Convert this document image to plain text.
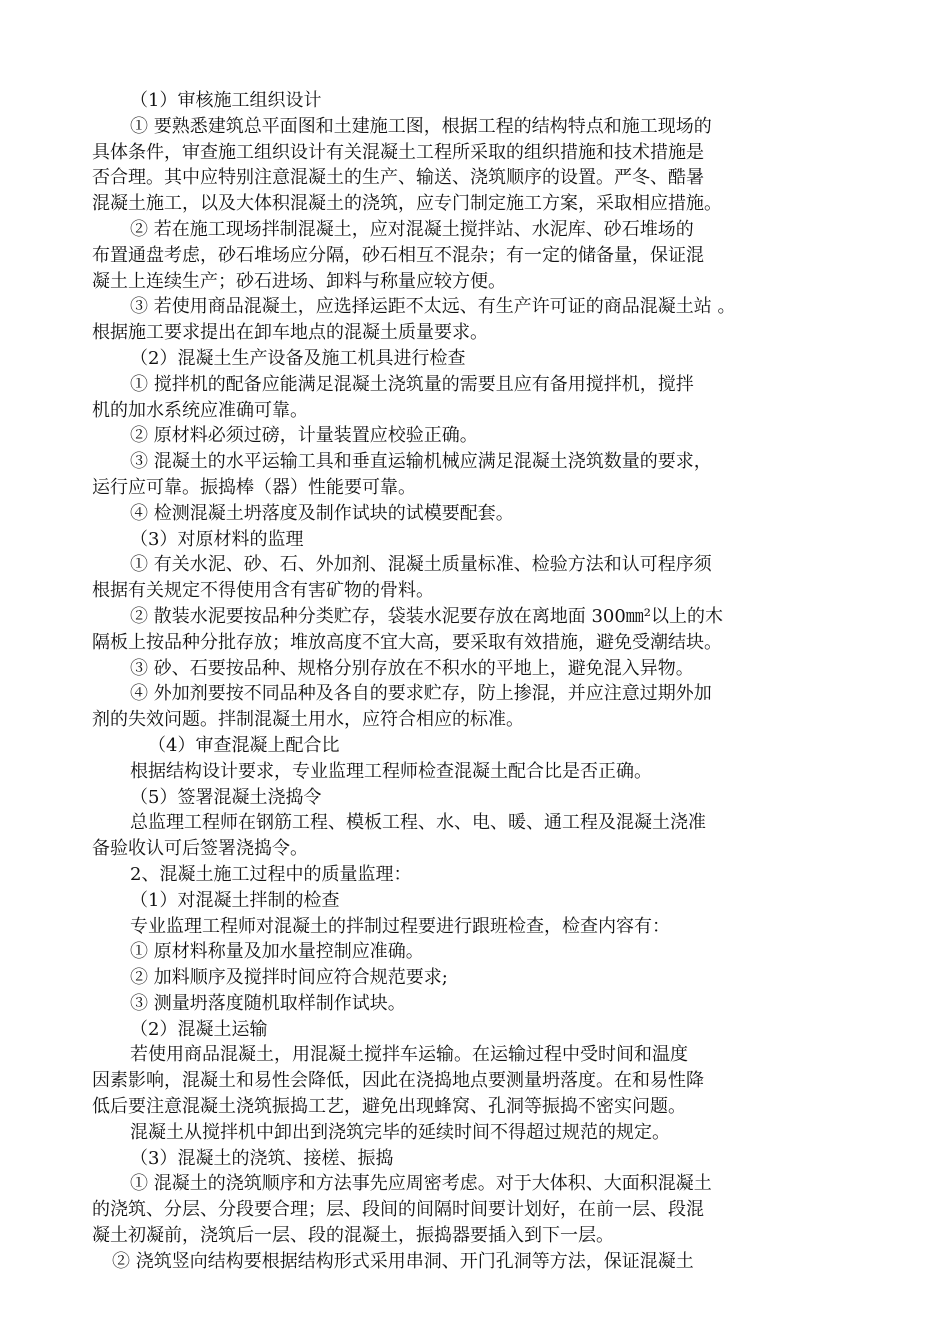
（1）审核施工组织设计
① 要熟悉建筑总平面图和土建施工图，根据工程的结构特点和施工现场的
具体条件，审查施工组织设计有关混凝土工程所采取的组织措施和技术措施是
否合理。其中应特别注意混凝土的生产、输送、浇筑顺序的设置。严冬、酷暑
混凝土施工，以及大体积混凝土的浇筑，应专门制定施工方案，采取相应措施。
② 若在施工现场拌制混凝土，应对混凝土搅拌站、水泥库、砂石堆场的
布置通盘考虑，砂石堆场应分隔，砂石相互不混杂；有一定的储备量，保证混
凝土上连续生产；砂石进场、卸料与称量应较方便。
③ 若使用商品混凝土，应选择运距不太远、有生产许可证的商品混凝土站 。
根据施工要求提出在卸车地点的混凝土质量要求。
（2）混凝土生产设备及施工机具进行检查
① 搅拌机的配备应能满足混凝土浇筑量的需要且应有备用搅拌机，搅拌
机的加水系统应准确可靠。
② 原材料必须过磅，计量装置应校验正确。
③ 混凝土的水平运输工具和垂直运输机械应满足混凝土浇筑数量的要求，
运行应可靠。振捣棒（器）性能要可靠。
④ 检测混凝土坍落度及制作试块的试模要配套。
（3）对原材料的监理
① 有关水泥、砂、石、外加剂、混凝土质量标准、检验方法和认可程序须
根据有关规定不得使用含有害矿物的骨料。
② 散装水泥要按品种分类贮存，袋装水泥要存放在离地面 300㎜²以上的木
隔板上按品种分批存放；堆放高度不宜大高，要采取有效措施，避免受潮结块。
③ 砂、石要按品种、规格分别存放在不积水的平地上，避免混入异物。
④ 外加剂要按不同品种及各自的要求贮存，防上掺混，并应注意过期外加
剂的失效问题。拌制混凝土用水，应符合相应的标准。
（4）审查混凝上配合比
根据结构设计要求，专业监理工程师检查混凝土配合比是否正确。
（5）签署混凝土浇捣令
总监理工程师在钢筋工程、模板工程、水、电、暖、通工程及混凝土浇准
备验收认可后签署浇捣令。
2、混凝土施工过程中的质量监理：
（1）对混凝土拌制的检查
专业监理工程师对混凝土的拌制过程要进行跟班检查，检查内容有：
① 原材料称量及加水量控制应准确。
② 加料顺序及搅拌时间应符合规范要求;
③ 测量坍落度随机取样制作试块。
（2）混凝土运输
若使用商品混凝土，用混凝土搅拌车运输。在运输过程中受时间和温度
因素影响，混凝土和易性会降低，因此在浇捣地点要测量坍落度。在和易性降
低后要注意混凝土浇筑振捣工艺，避免出现蜂窝、孔洞等振捣不密实问题。
混凝土从搅拌机中卸出到浇筑完毕的延续时间不得超过规范的规定。
（3）混凝土的浇筑、接槎、振捣
① 混凝土的浇筑顺序和方法事先应周密考虑。对于大体积、大面积混凝土
的浇筑、分层、分段要合理；层、段间的间隔时间要计划好，在前一层、段混
凝土初凝前，浇筑后一层、段的混凝土，振捣器要插入到下一层。
② 浇筑竖向结构要根据结构形式采用串洞、开门孔洞等方法，保证混凝土
